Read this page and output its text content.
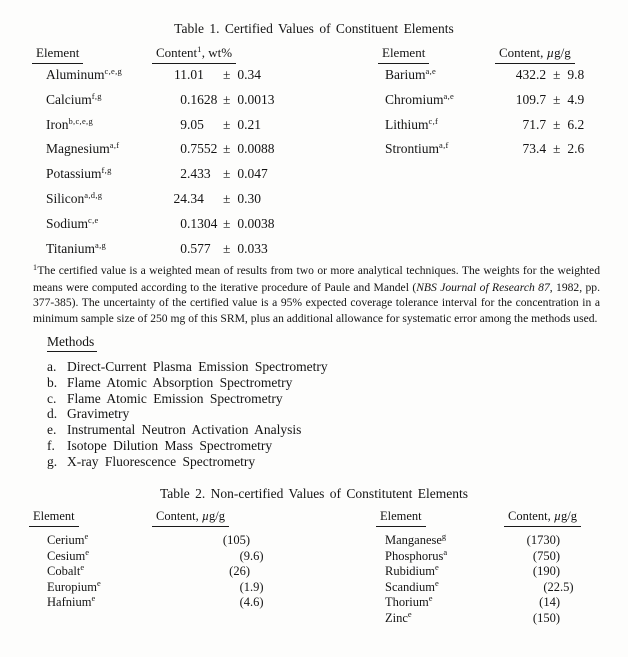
Table 1. Certified Values of Constituent Elements
Element	Content$^1$, wt%	Element	Content, µg/g
Aluminum$^{c,e,g}$	11.01 ± 0.34
Calcium$^{f,g}$	0.1628 ± 0.0013
Iron$^{b,c,e,g}$	9.05 ± 0.21
Magnesium$^{a,f}$	0.7552 ± 0.0088
Potassium$^{f,g}$	2.433 ± 0.047
Silicon$^{a,d,g}$	24.34 ± 0.30
Sodium$^{c,e}$	0.1304 ± 0.0038
Titanium$^{a,g}$	0.577 ± 0.033
Barium$^{a,e}$	432.2 ± 9.8
Chromium$^{a,e}$	109.7 ± 4.9
Lithium$^{c,f}$	71.7 ± 6.2
Strontium$^{a,f}$	73.4 ± 2.6
$^1$The certified value is a weighted mean of results from two or more analytical techniques. The weights for the weighted means were computed according to the iterative procedure of Paule and Mandel (NBS Journal of Research 87, 1982, pp. 377-385). The uncertainty of the certified value is a 95% expected coverage tolerance interval for the concentration in a minimum sample size of 250 mg of this SRM, plus an additional allowance for systematic error among the methods used.
Methods
a. Direct-Current Plasma Emission Spectrometry
b. Flame Atomic Absorption Spectrometry
c. Flame Atomic Emission Spectrometry
d. Gravimetry
e. Instrumental Neutron Activation Analysis
f. Isotope Dilution Mass Spectrometry
g. X-ray Fluorescence Spectrometry
Table 2. Non-certified Values of Constitutent Elements
Element	Content, µg/g	Element	Content, µg/g
Cerium$^e$	(105)
Cesium$^e$	(9.6)
Cobalt$^e$	(26)
Europium$^e$	(1.9)
Hafnium$^e$	(4.6)
Manganese$^g$	(1730)
Phosphorus$^a$	(750)
Rubidium$^e$	(190)
Scandium$^e$	(22.5)
Thorium$^e$	(14)
Zinc$^e$	(150)
